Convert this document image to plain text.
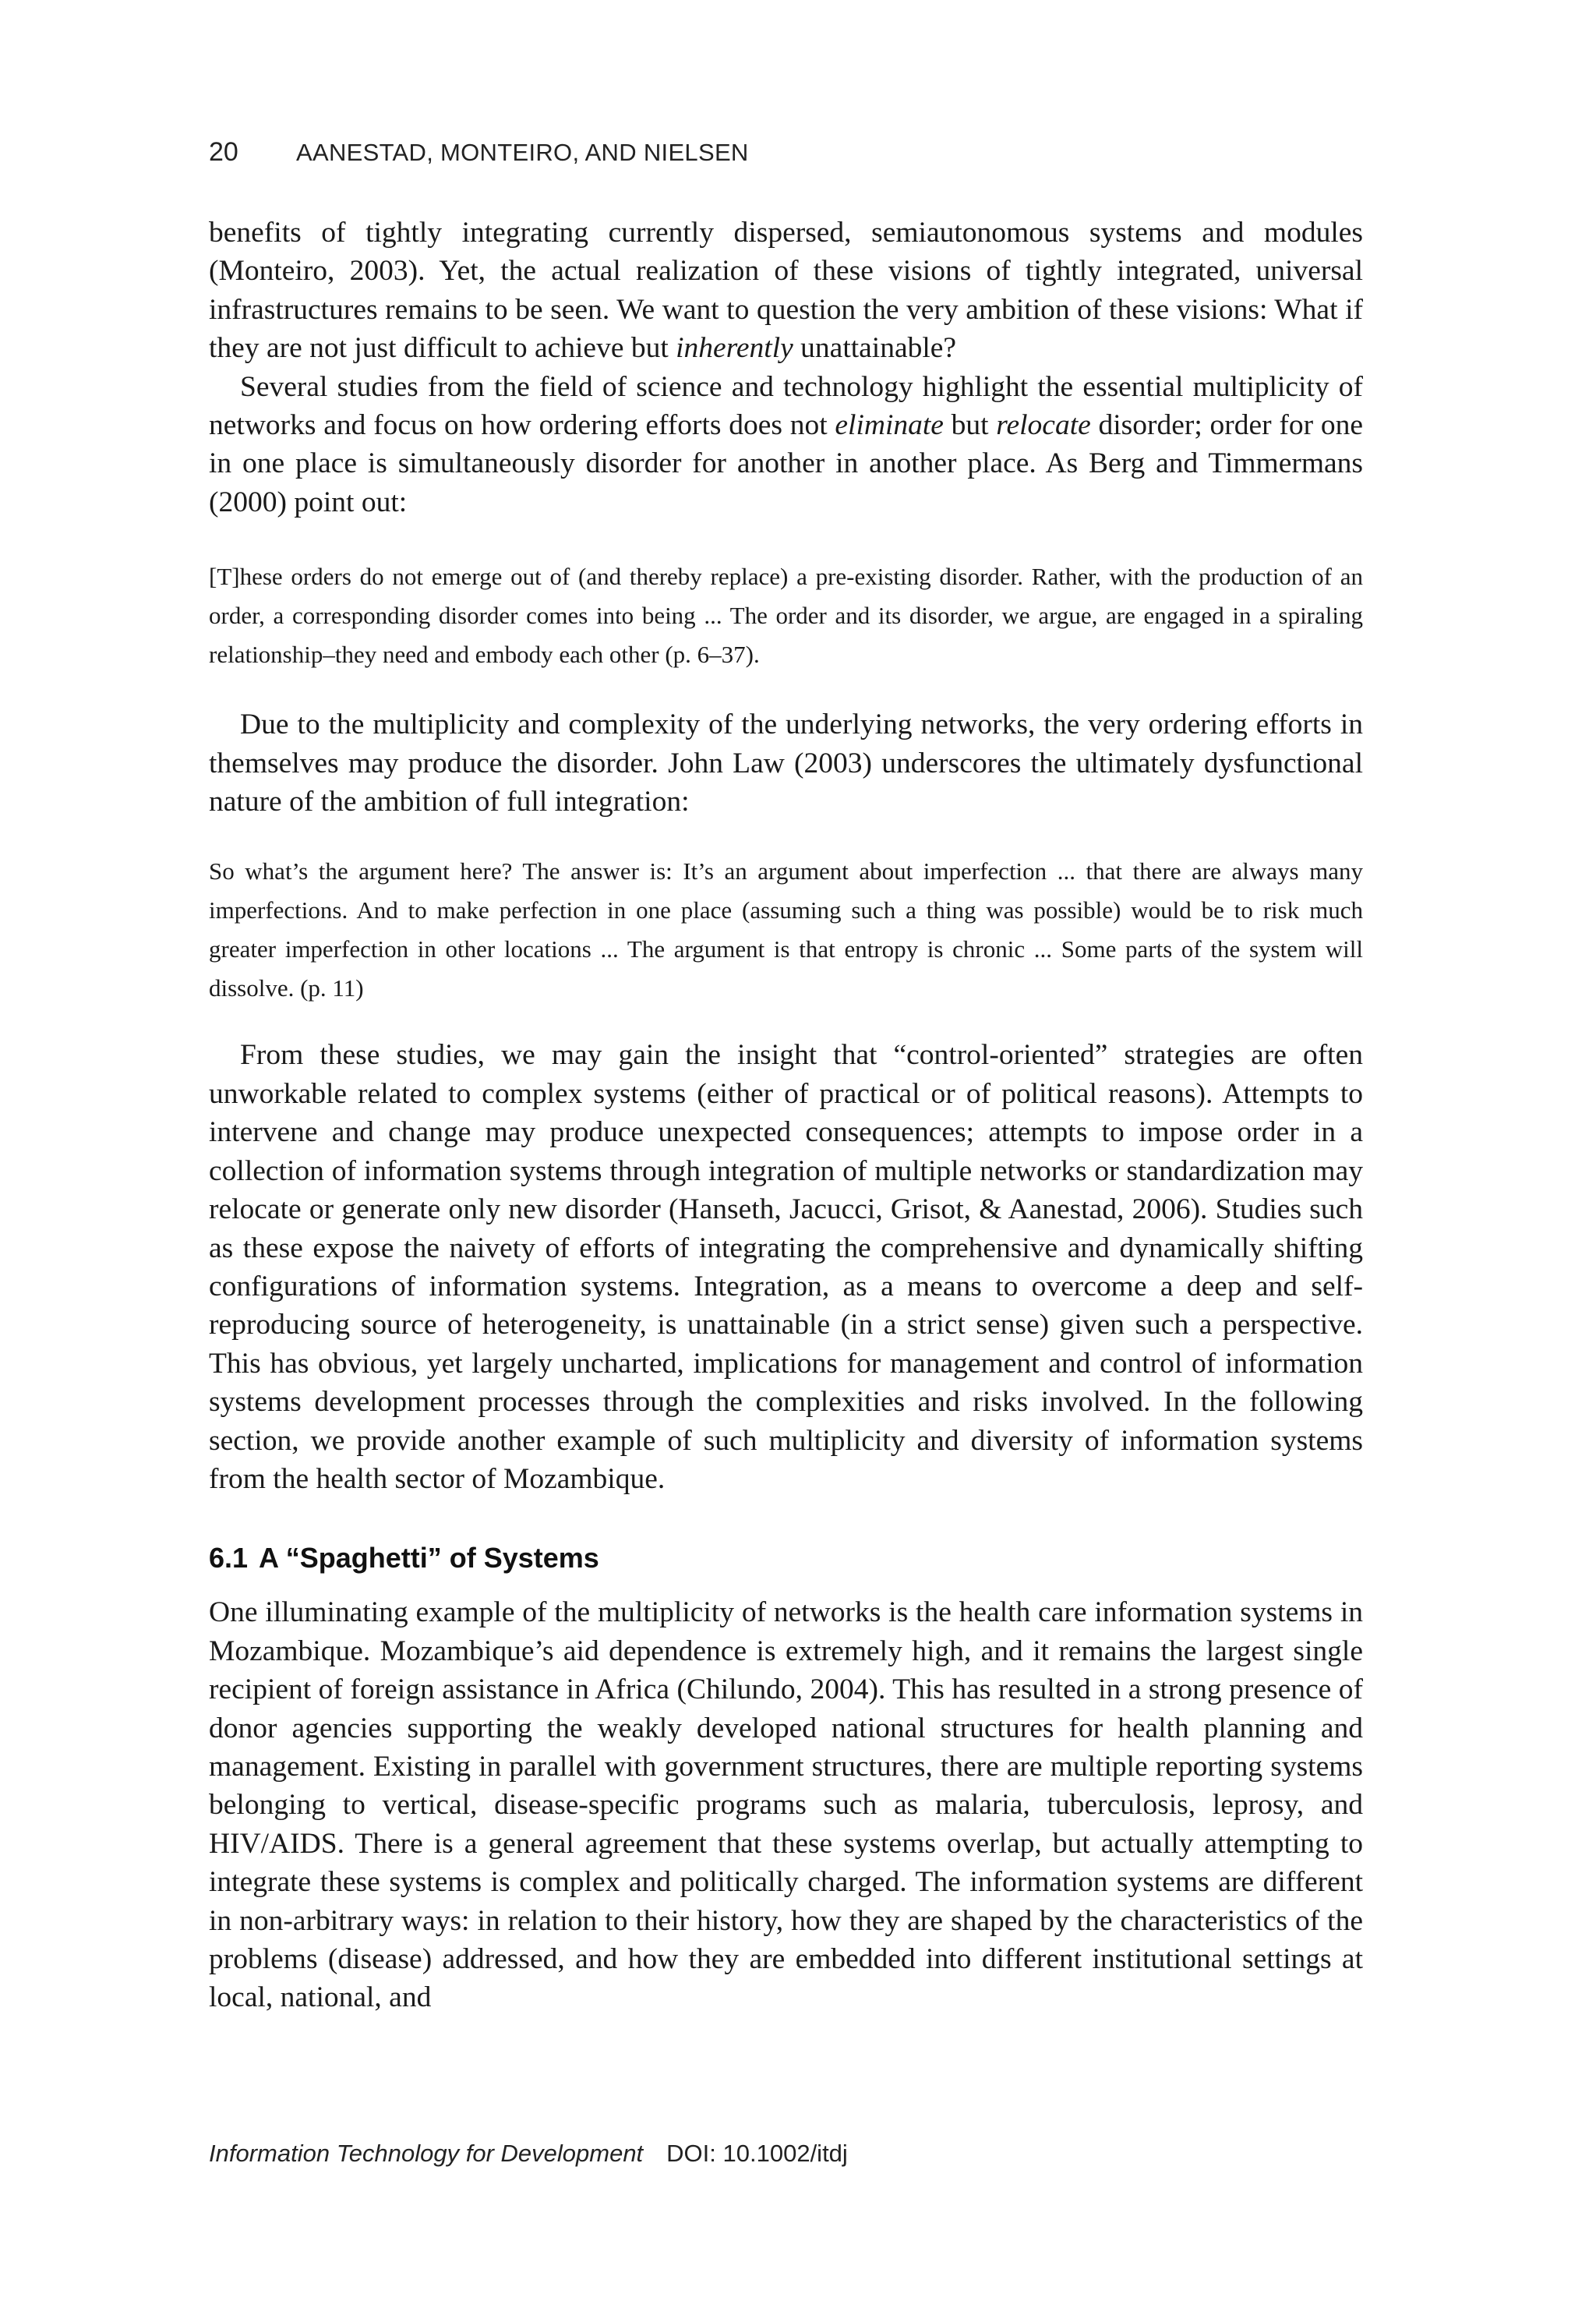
20 AANESTAD, MONTEIRO, AND NIELSEN

benefits of tightly integrating currently dispersed, semiautonomous systems and modules (Monteiro, 2003). Yet, the actual realization of these visions of tightly integrated, universal infrastructures remains to be seen. We want to question the very ambition of these visions: What if they are not just difficult to achieve but inherently unattainable?

Several studies from the field of science and technology highlight the essential multiplicity of networks and focus on how ordering efforts does not eliminate but relocate disorder; order for one in one place is simultaneously disorder for another in another place. As Berg and Timmermans (2000) point out:

[T]hese orders do not emerge out of (and thereby replace) a pre-existing disorder. Rather, with the production of an order, a corresponding disorder comes into being ... The order and its disorder, we argue, are engaged in a spiraling relationship–they need and embody each other (p. 6–37).

Due to the multiplicity and complexity of the underlying networks, the very ordering efforts in themselves may produce the disorder. John Law (2003) underscores the ultimately dysfunctional nature of the ambition of full integration:

So what’s the argument here? The answer is: It’s an argument about imperfection ... that there are always many imperfections. And to make perfection in one place (assuming such a thing was possible) would be to risk much greater imperfection in other locations ... The argument is that entropy is chronic ... Some parts of the system will dissolve. (p. 11)

From these studies, we may gain the insight that “control-oriented” strategies are often unworkable related to complex systems (either of practical or of political reasons). Attempts to intervene and change may produce unexpected consequences; attempts to impose order in a collection of information systems through integration of multiple networks or standardization may relocate or generate only new disorder (Hanseth, Jacucci, Grisot, & Aanestad, 2006). Studies such as these expose the naivety of efforts of integrating the comprehensive and dynamically shifting configurations of information systems. Integration, as a means to overcome a deep and self-reproducing source of heterogeneity, is unattainable (in a strict sense) given such a perspective. This has obvious, yet largely uncharted, implications for management and control of information systems development processes through the complexities and risks involved. In the following section, we provide another example of such multiplicity and diversity of information systems from the health sector of Mozambique.

6.1 A “Spaghetti” of Systems

One illuminating example of the multiplicity of networks is the health care information systems in Mozambique. Mozambique’s aid dependence is extremely high, and it remains the largest single recipient of foreign assistance in Africa (Chilundo, 2004). This has resulted in a strong presence of donor agencies supporting the weakly developed national structures for health planning and management. Existing in parallel with government structures, there are multiple reporting systems belonging to vertical, disease-specific programs such as malaria, tuberculosis, leprosy, and HIV/AIDS. There is a general agreement that these systems overlap, but actually attempting to integrate these systems is complex and politically charged. The information systems are different in non-arbitrary ways: in relation to their history, how they are shaped by the characteristics of the problems (disease) addressed, and how they are embedded into different institutional settings at local, national, and

Information Technology for Development DOI: 10.1002/itdj
